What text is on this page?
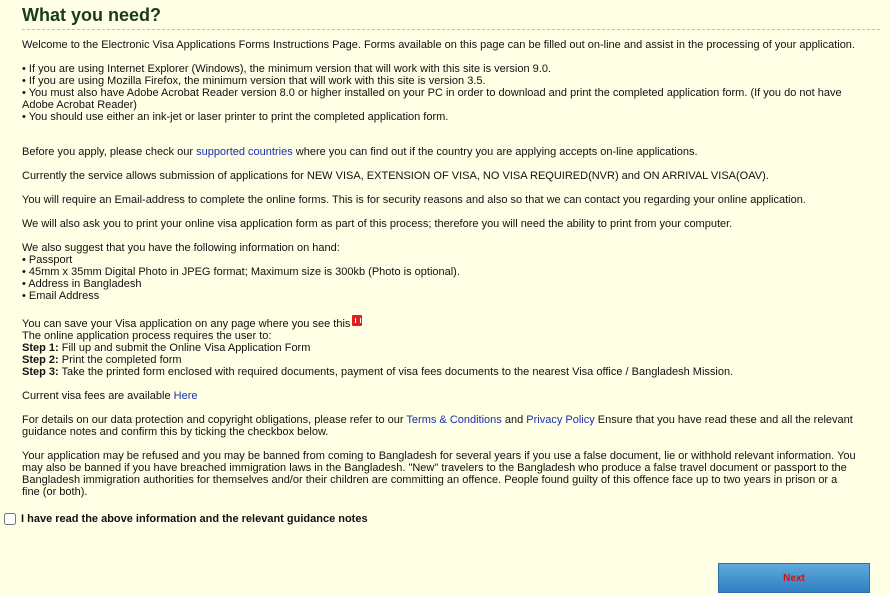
What you need?

Welcome to the Electronic Visa Applications Forms Instructions Page. Forms available on this page can be filled out on-line and assist in the processing of your application.

• If you are using Internet Explorer (Windows), the minimum version that will work with this site is version 9.0.
• If you are using Mozilla Firefox, the minimum version that will work with this site is version 3.5.
• You must also have Adobe Acrobat Reader version 8.0 or higher installed on your PC in order to download and print the completed application form. (If you do not have Adobe Acrobat Reader)
• You should use either an ink-jet or laser printer to print the completed application form.

Before you apply, please check our supported countries where you can find out if the country you are applying accepts on-line applications.

Currently the service allows submission of applications for NEW VISA, EXTENSION OF VISA, NO VISA REQUIRED(NVR) and ON ARRIVAL VISA(OAV).

You will require an Email-address to complete the online forms. This is for security reasons and also so that we can contact you regarding your online application.

We will also ask you to print your online visa application form as part of this process; therefore you will need the ability to print from your computer.

We also suggest that you have the following information on hand:
• Passport
• 45mm x 35mm Digital Photo in JPEG format; Maximum size is 300kb (Photo is optional).
• Address in Bangladesh
• Email Address
You can save your Visa application on any page where you see this
The online application process requires the user to:
Step 1: Fill up and submit the Online Visa Application Form
Step 2: Print the completed form
Step 3: Take the printed form enclosed with required documents, payment of visa fees documents to the nearest Visa office / Bangladesh Mission.

Current visa fees are available Here

For details on our data protection and copyright obligations, please refer to our Terms & Conditions and Privacy Policy Ensure that you have read these and all the relevant guidance notes and confirm this by ticking the checkbox below.

Your application may be refused and you may be banned from coming to Bangladesh for several years if you use a false document, lie or withhold relevant information. You may also be banned if you have breached immigration laws in the Bangladesh. "New" travelers to the Bangladesh who produce a false travel document or passport to the Bangladesh immigration authorities for themselves and/or their children are committing an offence. People found guilty of this offence face up to two years in prison or a fine (or both).

I have read the above information and the relevant guidance notes
Next
